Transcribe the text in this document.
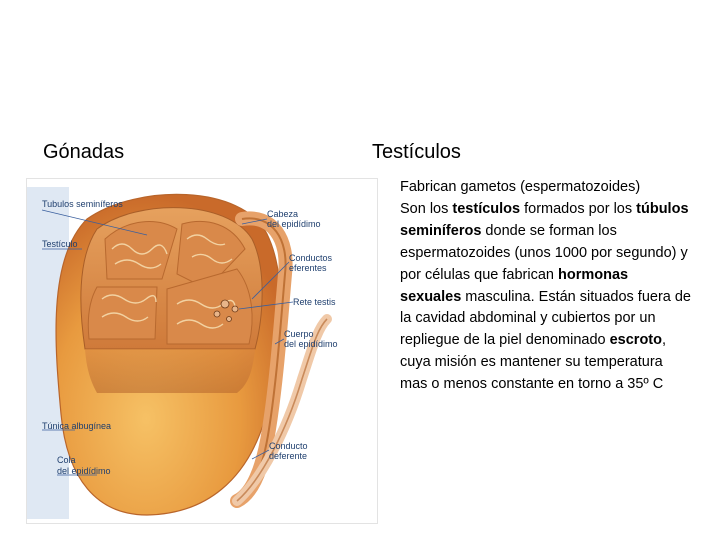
Gónadas	Testículos
• Fabrican gametos (espermatozoides)
• Son los testículos formados por los túbulos seminíferos donde se forman los espermatozoides (unos 1000 por segundo) y por células que fabrican hormonas sexuales masculina. Están situados fuera de la cavidad abdominal y cubiertos por un repliegue de la piel denominado escroto, cuya misión es mantener su temperatura mas o menos constante en torno a 35º C
Tubulos seminíferos
Testículo
Túnica albugínea
Cola
del epidídimo
Cabeza
del epidídimo
Conductos
eferentes
Rete testis
Cuerpo
del epidídimo
Conducto
deferente
